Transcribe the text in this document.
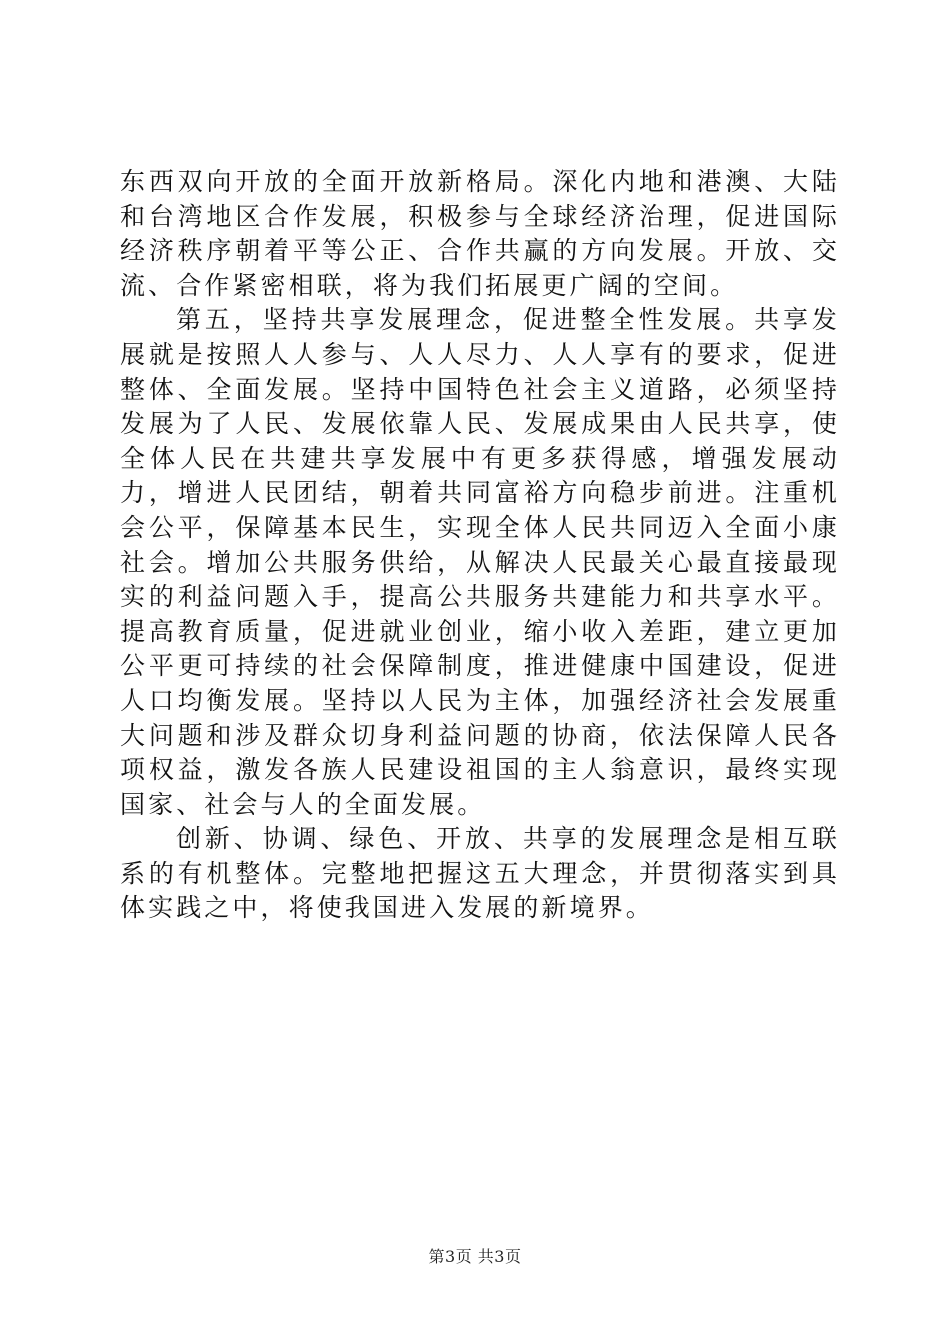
东西双向开放的全面开放新格局。深化内地和港澳、大陆和台湾地区合作发展，积极参与全球经济治理，促进国际经济秩序朝着平等公正、合作共赢的方向发展。开放、交流、合作紧密相联，将为我们拓展更广阔的空间。

第五，坚持共享发展理念，促进整全性发展。共享发展就是按照人人参与、人人尽力、人人享有的要求，促进整体、全面发展。坚持中国特色社会主义道路，必须坚持发展为了人民、发展依靠人民、发展成果由人民共享，使全体人民在共建共享发展中有更多获得感，增强发展动力，增进人民团结，朝着共同富裕方向稳步前进。注重机会公平，保障基本民生，实现全体人民共同迈入全面小康社会。增加公共服务供给，从解决人民最关心最直接最现实的利益问题入手，提高公共服务共建能力和共享水平。提高教育质量，促进就业创业，缩小收入差距，建立更加公平更可持续的社会保障制度，推进健康中国建设，促进人口均衡发展。坚持以人民为主体，加强经济社会发展重大问题和涉及群众切身利益问题的协商，依法保障人民各项权益，激发各族人民建设祖国的主人翁意识，最终实现国家、社会与人的全面发展。

创新、协调、绿色、开放、共享的发展理念是相互联系的有机整体。完整地把握这五大理念，并贯彻落实到具体实践之中，将使我国进入发展的新境界。

第3页 共3页
